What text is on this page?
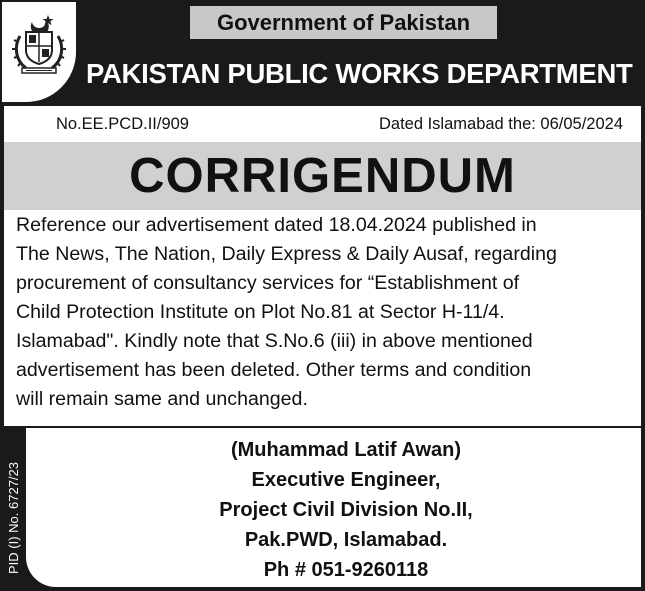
Government of Pakistan
PAKISTAN PUBLIC WORKS DEPARTMENT
No.EE.PCD.II/909	Dated Islamabad the: 06/05/2024
CORRIGENDUM
Reference our advertisement dated 18.04.2024 published in
The News, The Nation, Daily Express & Daily Ausaf, regarding
procurement of consultancy services for “Establishment of
Child Protection Institute on Plot No.81 at Sector H-11/4.
Islamabad". Kindly note that S.No.6 (iii) in above mentioned
advertisement has been deleted. Other terms and condition
will remain same and unchanged.
PID (I) No. 6727/23
(Muhammad Latif Awan)
Executive Engineer,
Project Civil Division No.II,
Pak.PWD, Islamabad.
Ph # 051-9260118
